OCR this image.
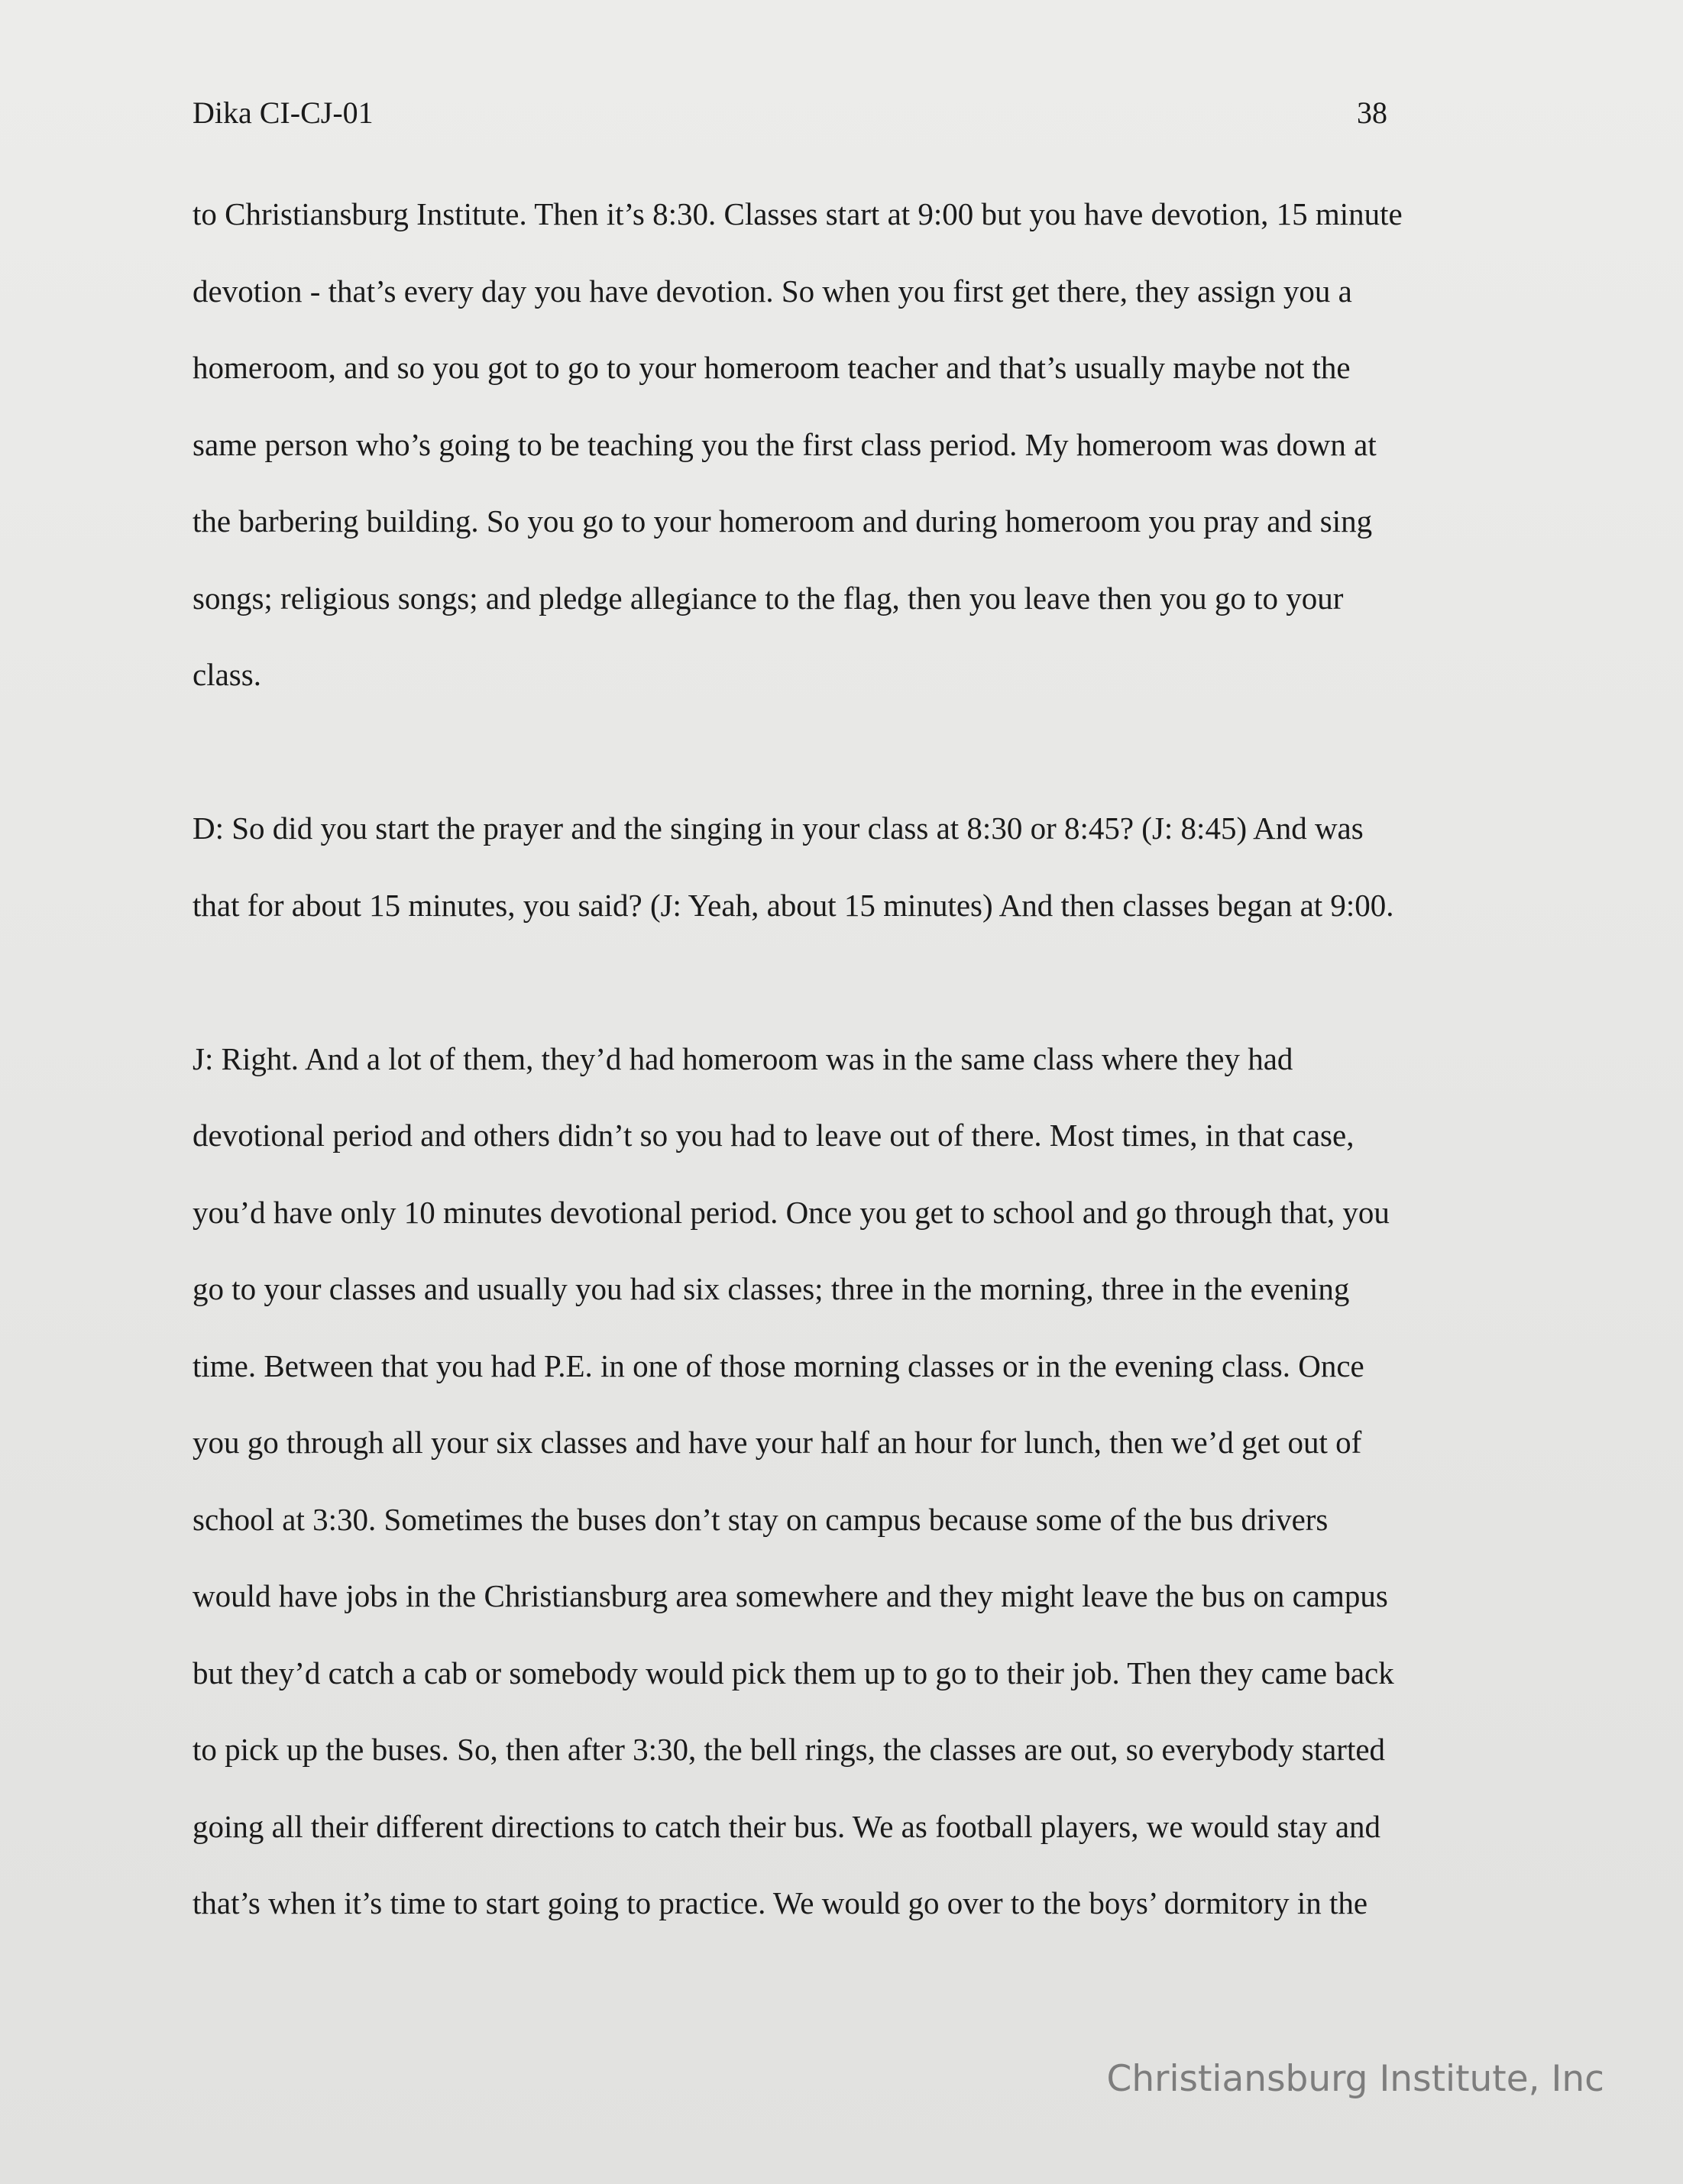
Dika CI-CJ-01	38
to Christiansburg Institute. Then it’s 8:30. Classes start at 9:00 but you have devotion, 15 minute
devotion - that’s every day you have devotion. So when you first get there, they assign you a
homeroom, and so you got to go to your homeroom teacher and that’s usually maybe not the
same person who’s going to be teaching you the first class period. My homeroom was down at
the barbering building. So you go to your homeroom and during homeroom you pray and sing
songs; religious songs; and pledge allegiance to the flag, then you leave then you go to your
class.
D: So did you start the prayer and the singing in your class at 8:30 or 8:45? (J: 8:45) And was
that for about 15 minutes, you said? (J: Yeah, about 15 minutes) And then classes began at 9:00.
J: Right. And a lot of them, they’d had homeroom was in the same class where they had
devotional period and others didn’t so you had to leave out of there. Most times, in that case,
you’d have only 10 minutes devotional period. Once you get to school and go through that, you
go to your classes and usually you had six classes; three in the morning, three in the evening
time. Between that you had P.E. in one of those morning classes or in the evening class. Once
you go through all your six classes and have your half an hour for lunch, then we’d get out of
school at 3:30. Sometimes the buses don’t stay on campus because some of the bus drivers
would have jobs in the Christiansburg area somewhere and they might leave the bus on campus
but they’d catch a cab or somebody would pick them up to go to their job. Then they came back
to pick up the buses. So, then after 3:30, the bell rings, the classes are out, so everybody started
going all their different directions to catch their bus. We as football players, we would stay and
that’s when it’s time to start going to practice. We would go over to the boys’ dormitory in the
Christiansburg Institute, Inc
